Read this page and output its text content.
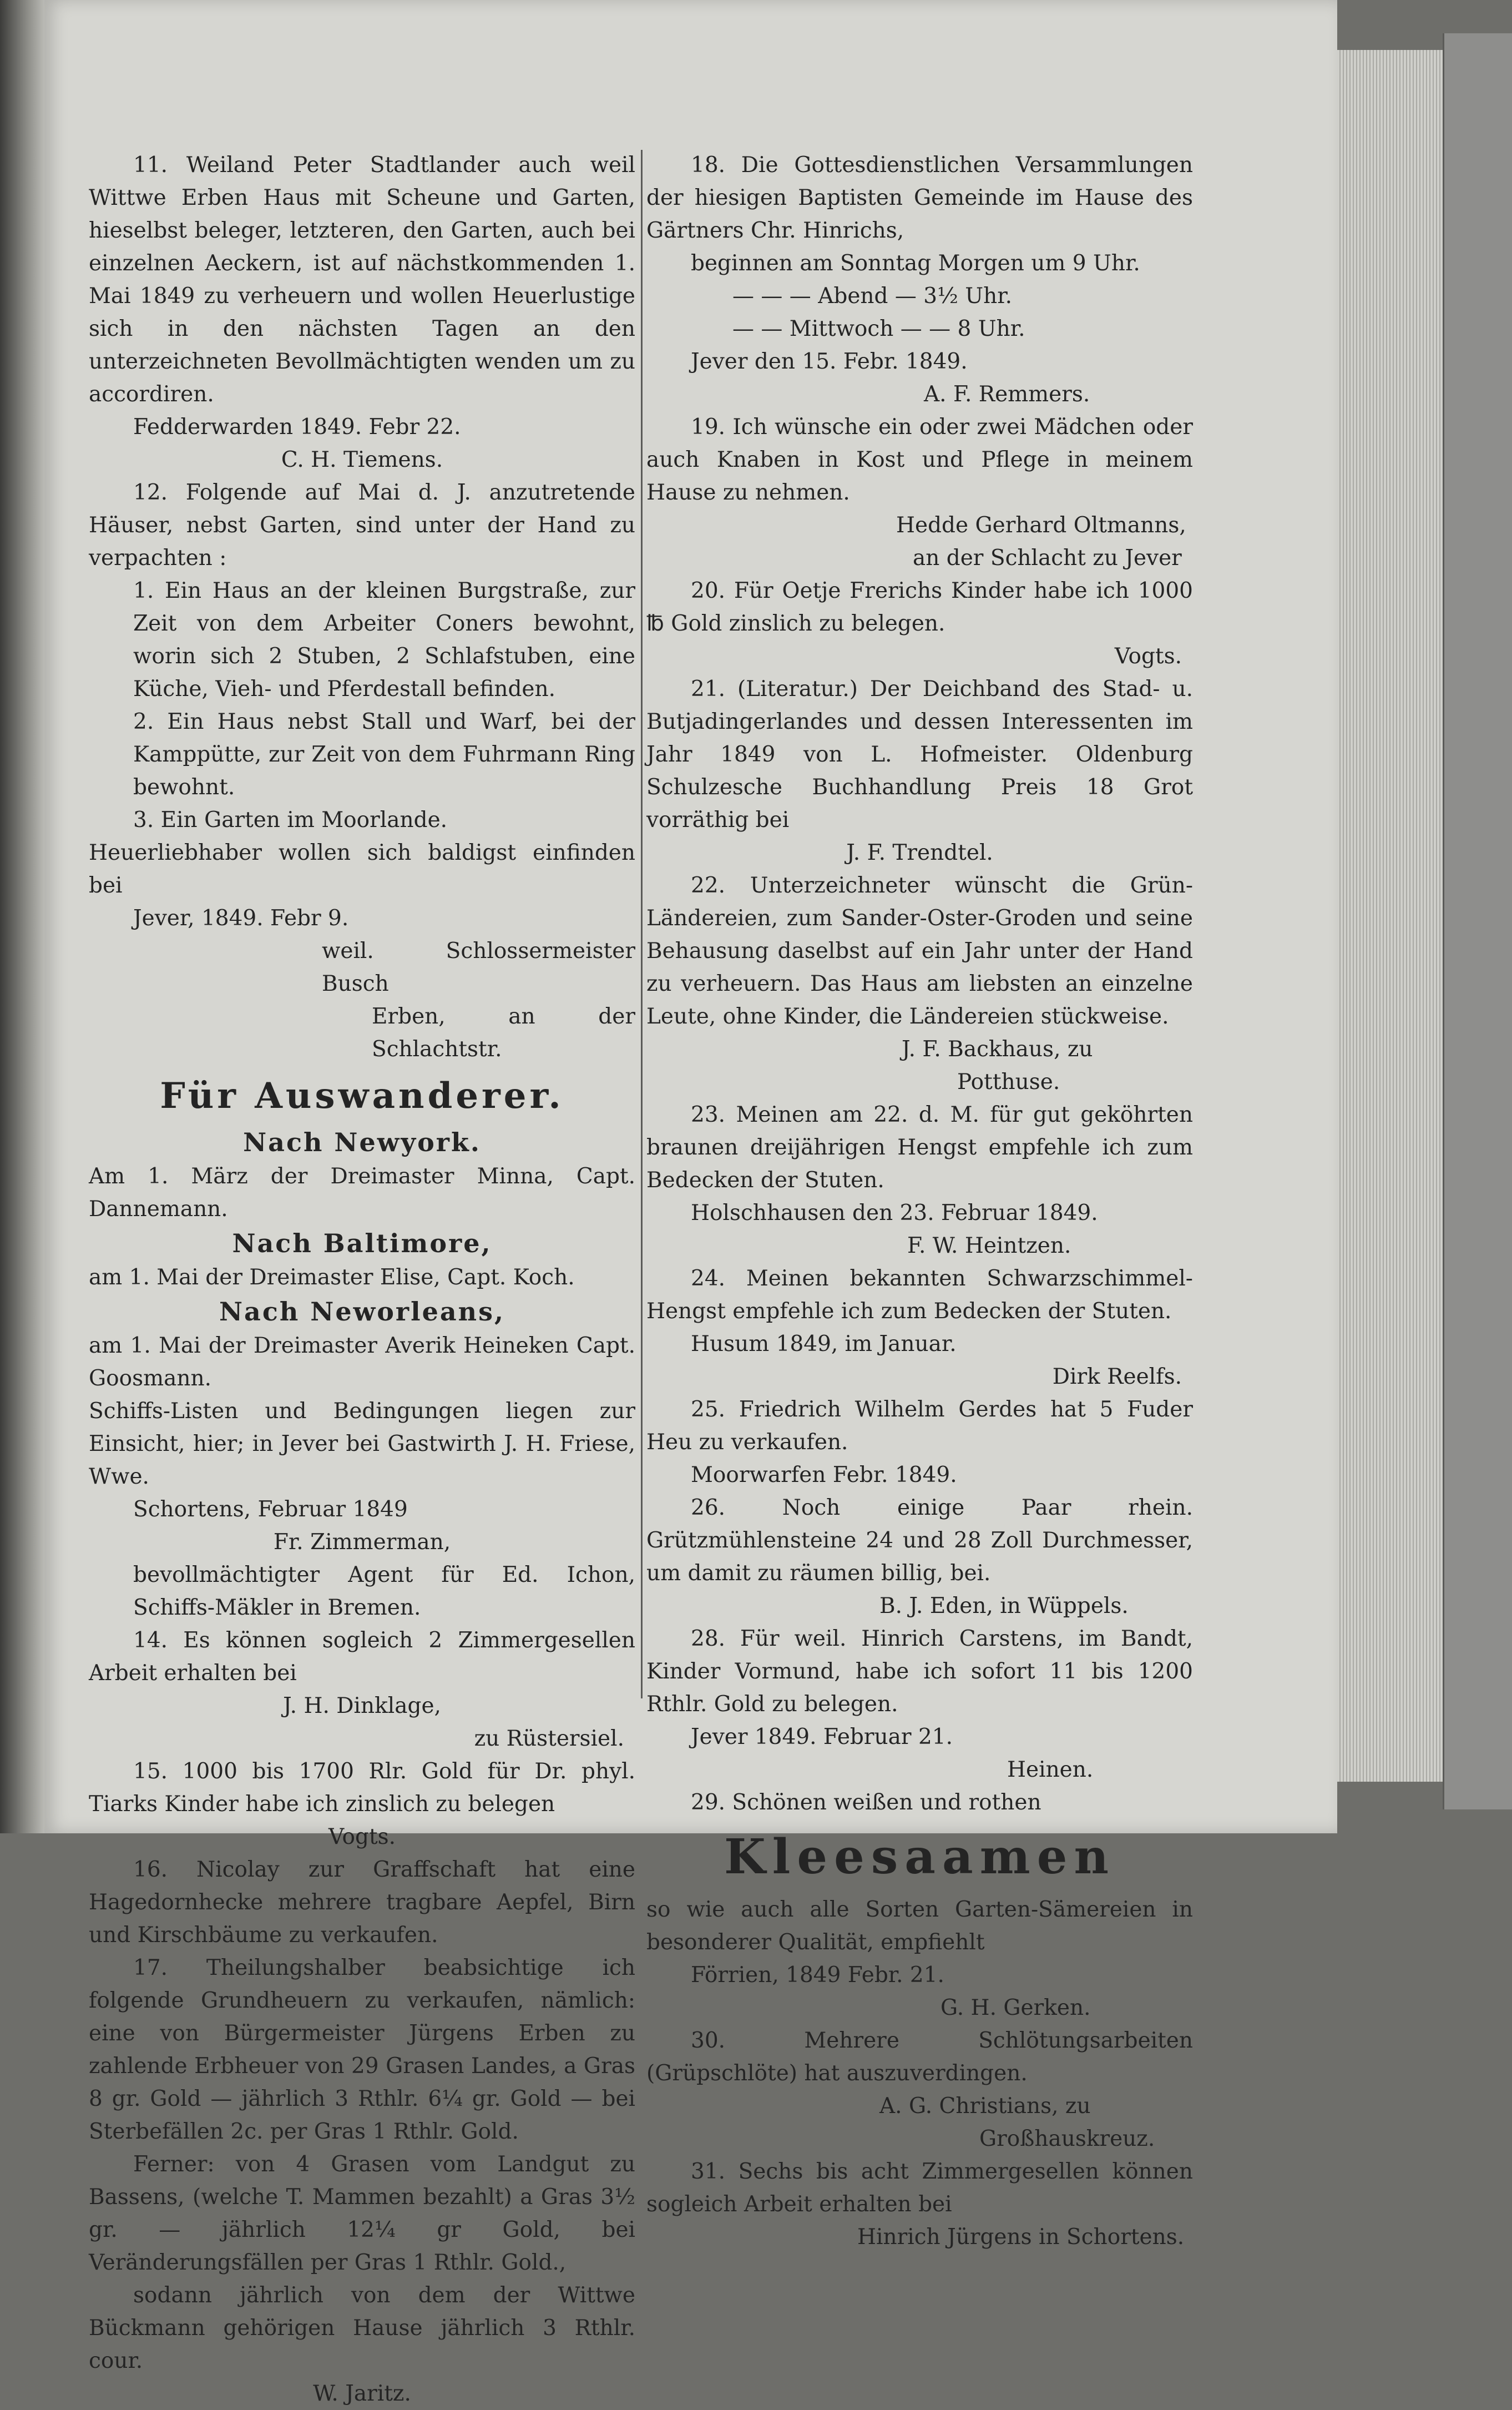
11. Weiland Peter Stadtlander auch weil Wittwe Erben Haus mit Scheune und Garten, hieselbst beleger, letzteren, den Garten, auch bei einzelnen Aeckern, ist auf nächstkommenden 1. Mai 1849 zu verheuern und wollen Heuerlustige sich in den nächsten Tagen an den unterzeichneten Bevollmächtigten wenden um zu accordiren.

Fedderwarden 1849. Febr 22.

C. H. Tiemens.

12. Folgende auf Mai d. J. anzutretende Häuser, nebst Garten, sind unter der Hand zu verpachten :

1. Ein Haus an der kleinen Burgstraße, zur Zeit von dem Arbeiter Coners bewohnt, worin sich 2 Stuben, 2 Schlafstuben, eine Küche, Vieh- und Pferdestall befinden.

2. Ein Haus nebst Stall und Warf, bei der Kamppütte, zur Zeit von dem Fuhrmann Ring bewohnt.

3. Ein Garten im Moorlande.

Heuerliebhaber wollen sich baldigst einfinden bei

Jever, 1849. Febr 9.

weil. Schlossermeister Busch

Erben, an der Schlachtstr.

Für Auswanderer.
Nach Newyork.

Am 1. März der Dreimaster Minna, Capt. Dannemann.

Nach Baltimore,

am 1. Mai der Dreimaster Elise, Capt. Koch.

Nach Neworleans,

am 1. Mai der Dreimaster Averik Heineken Capt. Goosmann.

Schiffs-Listen und Bedingungen liegen zur Einsicht, hier; in Jever bei Gastwirth J. H. Friese, Wwe.

Schortens, Februar 1849

Fr. Zimmerman,

bevollmächtigter Agent für Ed. Ichon, Schiffs-Mäkler in Bremen.

14. Es können sogleich 2 Zimmergesellen Arbeit erhalten bei

J. H. Dinklage,

zu Rüstersiel.

15. 1000 bis 1700 Rlr. Gold für Dr. phyl. Tiarks Kinder habe ich zinslich zu belegen

Vogts.

16. Nicolay zur Graffschaft hat eine Hagedornhecke mehrere tragbare Aepfel, Birn und Kirschbäume zu verkaufen.

17. Theilungshalber beabsichtige ich folgende Grundheuern zu verkaufen, nämlich: eine von Bürgermeister Jürgens Erben zu zahlende Erbheuer von 29 Grasen Landes, a Gras 8 gr. Gold — jährlich 3 Rthlr. 6¼ gr. Gold — bei Sterbefällen 2c. per Gras 1 Rthlr. Gold.

Ferner: von 4 Grasen vom Landgut zu Bassens, (welche T. Mammen bezahlt) a Gras 3½ gr. — jährlich 12¼ gr Gold, bei Veränderungsfällen per Gras 1 Rthlr. Gold.,

sodann jährlich von dem der Wittwe Bückmann gehörigen Hause jährlich 3 Rthlr. cour.

W. Jaritz.

18. Die Gottesdienstlichen Versammlungen der hiesigen Baptisten Gemeinde im Hause des Gärtners Chr. Hinrichs,

beginnen am Sonntag Morgen um 9 Uhr.

— — — Abend — 3½ Uhr.

— — Mittwoch — — 8 Uhr.

Jever den 15. Febr. 1849.

A. F. Remmers.

19. Ich wünsche ein oder zwei Mädchen oder auch Knaben in Kost und Pflege in meinem Hause zu nehmen.

Hedde Gerhard Oltmanns,

an der Schlacht zu Jever

20. Für Oetje Frerichs Kinder habe ich 1000 ℔ Gold zinslich zu belegen.

Vogts.

21. (Literatur.) Der Deichband des Stad- u. Butjadingerlandes und dessen Interessenten im Jahr 1849 von L. Hofmeister. Oldenburg Schulzesche Buchhandlung Preis 18 Grot vorräthig bei

J. F. Trendtel.

22. Unterzeichneter wünscht die Grün-Ländereien, zum Sander-Oster-Groden und seine Behausung daselbst auf ein Jahr unter der Hand zu verheuern. Das Haus am liebsten an einzelne Leute, ohne Kinder, die Ländereien stückweise.

J. F. Backhaus, zu

Potthuse.

23. Meinen am 22. d. M. für gut geköhrten braunen dreijährigen Hengst empfehle ich zum Bedecken der Stuten.

Holschhausen den 23. Februar 1849.

F. W. Heintzen.

24. Meinen bekannten Schwarzschimmel-Hengst empfehle ich zum Bedecken der Stuten.

Husum 1849, im Januar.

Dirk Reelfs.

25. Friedrich Wilhelm Gerdes hat 5 Fuder Heu zu verkaufen.

Moorwarfen Febr. 1849.

26. Noch einige Paar rhein. Grützmühlensteine 24 und 28 Zoll Durchmesser, um damit zu räumen billig, bei.

B. J. Eden, in Wüppels.

28. Für weil. Hinrich Carstens, im Bandt, Kinder Vormund, habe ich sofort 11 bis 1200 Rthlr. Gold zu belegen.

Jever 1849. Februar 21.

Heinen.

29. Schönen weißen und rothen

Kleesaamen

so wie auch alle Sorten Garten-Sämereien in besonderer Qualität, empfiehlt

Förrien, 1849 Febr. 21.

G. H. Gerken.

30. Mehrere Schlötungsarbeiten (Grüpschlöte) hat auszuverdingen.

A. G. Christians, zu

Großhauskreuz.

31. Sechs bis acht Zimmergesellen können sogleich Arbeit erhalten bei

Hinrich Jürgens in Schortens.
